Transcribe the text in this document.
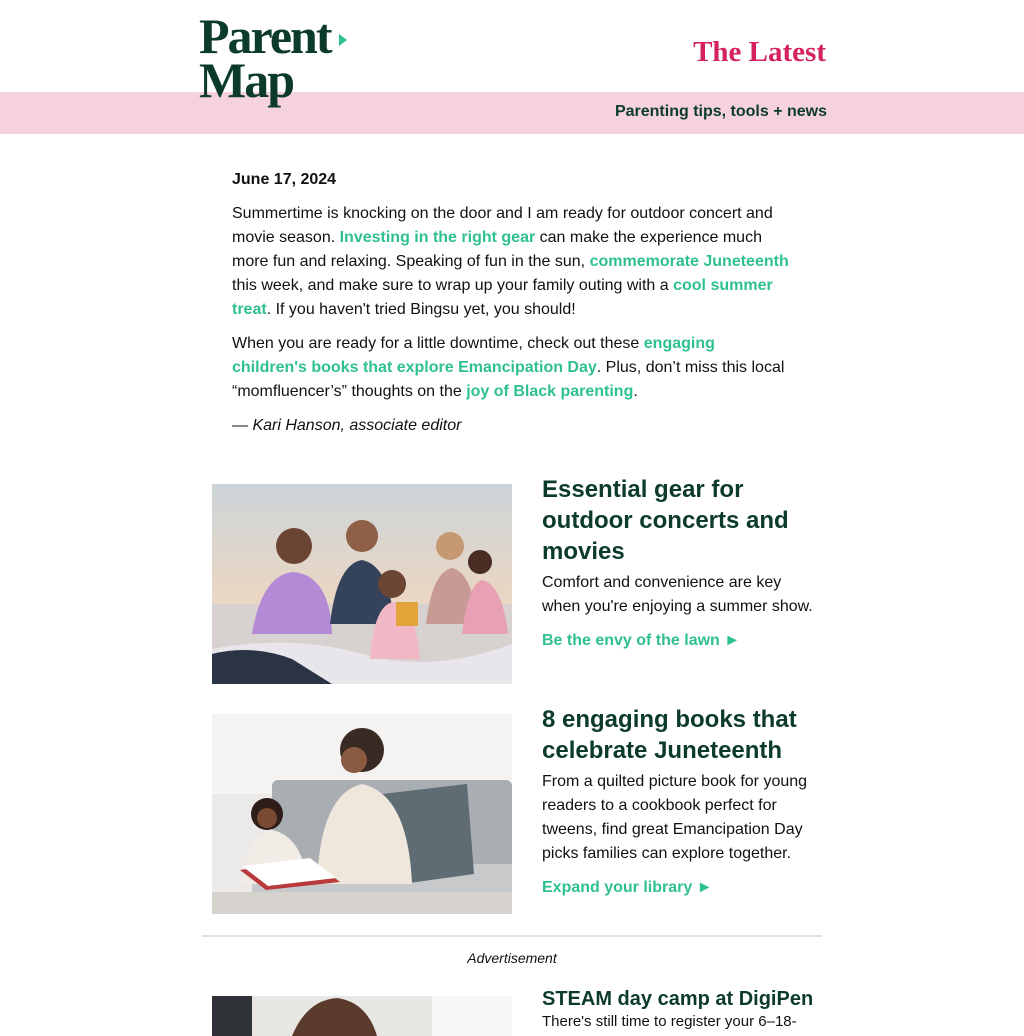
Parent
Map	The Latest
Parenting tips, tools + news
June 17, 2024

Summertime is knocking on the door and I am ready for outdoor concert and movie season. Investing in the right gear can make the experience much more fun and relaxing. Speaking of fun in the sun, commemorate Juneteenth this week, and make sure to wrap up your family outing with a cool summer treat. If you haven't tried Bingsu yet, you should!

When you are ready for a little downtime, check out these engaging children's books that explore Emancipation Day. Plus, don’t miss this local “momfluencer’s” thoughts on the joy of Black parenting.

— Kari Hanson, associate editor

Essential gear for outdoor concerts and movies
Comfort and convenience are key when you're enjoying a summer show.
Be the envy of the lawn ►
8 engaging books that celebrate Juneteenth
From a quilted picture book for young readers to a cookbook perfect for tweens, find great Emancipation Day picks families can explore together.
Expand your library ►
Advertisement
STEAM day camp at DigiPen
There's still time to register your 6–18-
